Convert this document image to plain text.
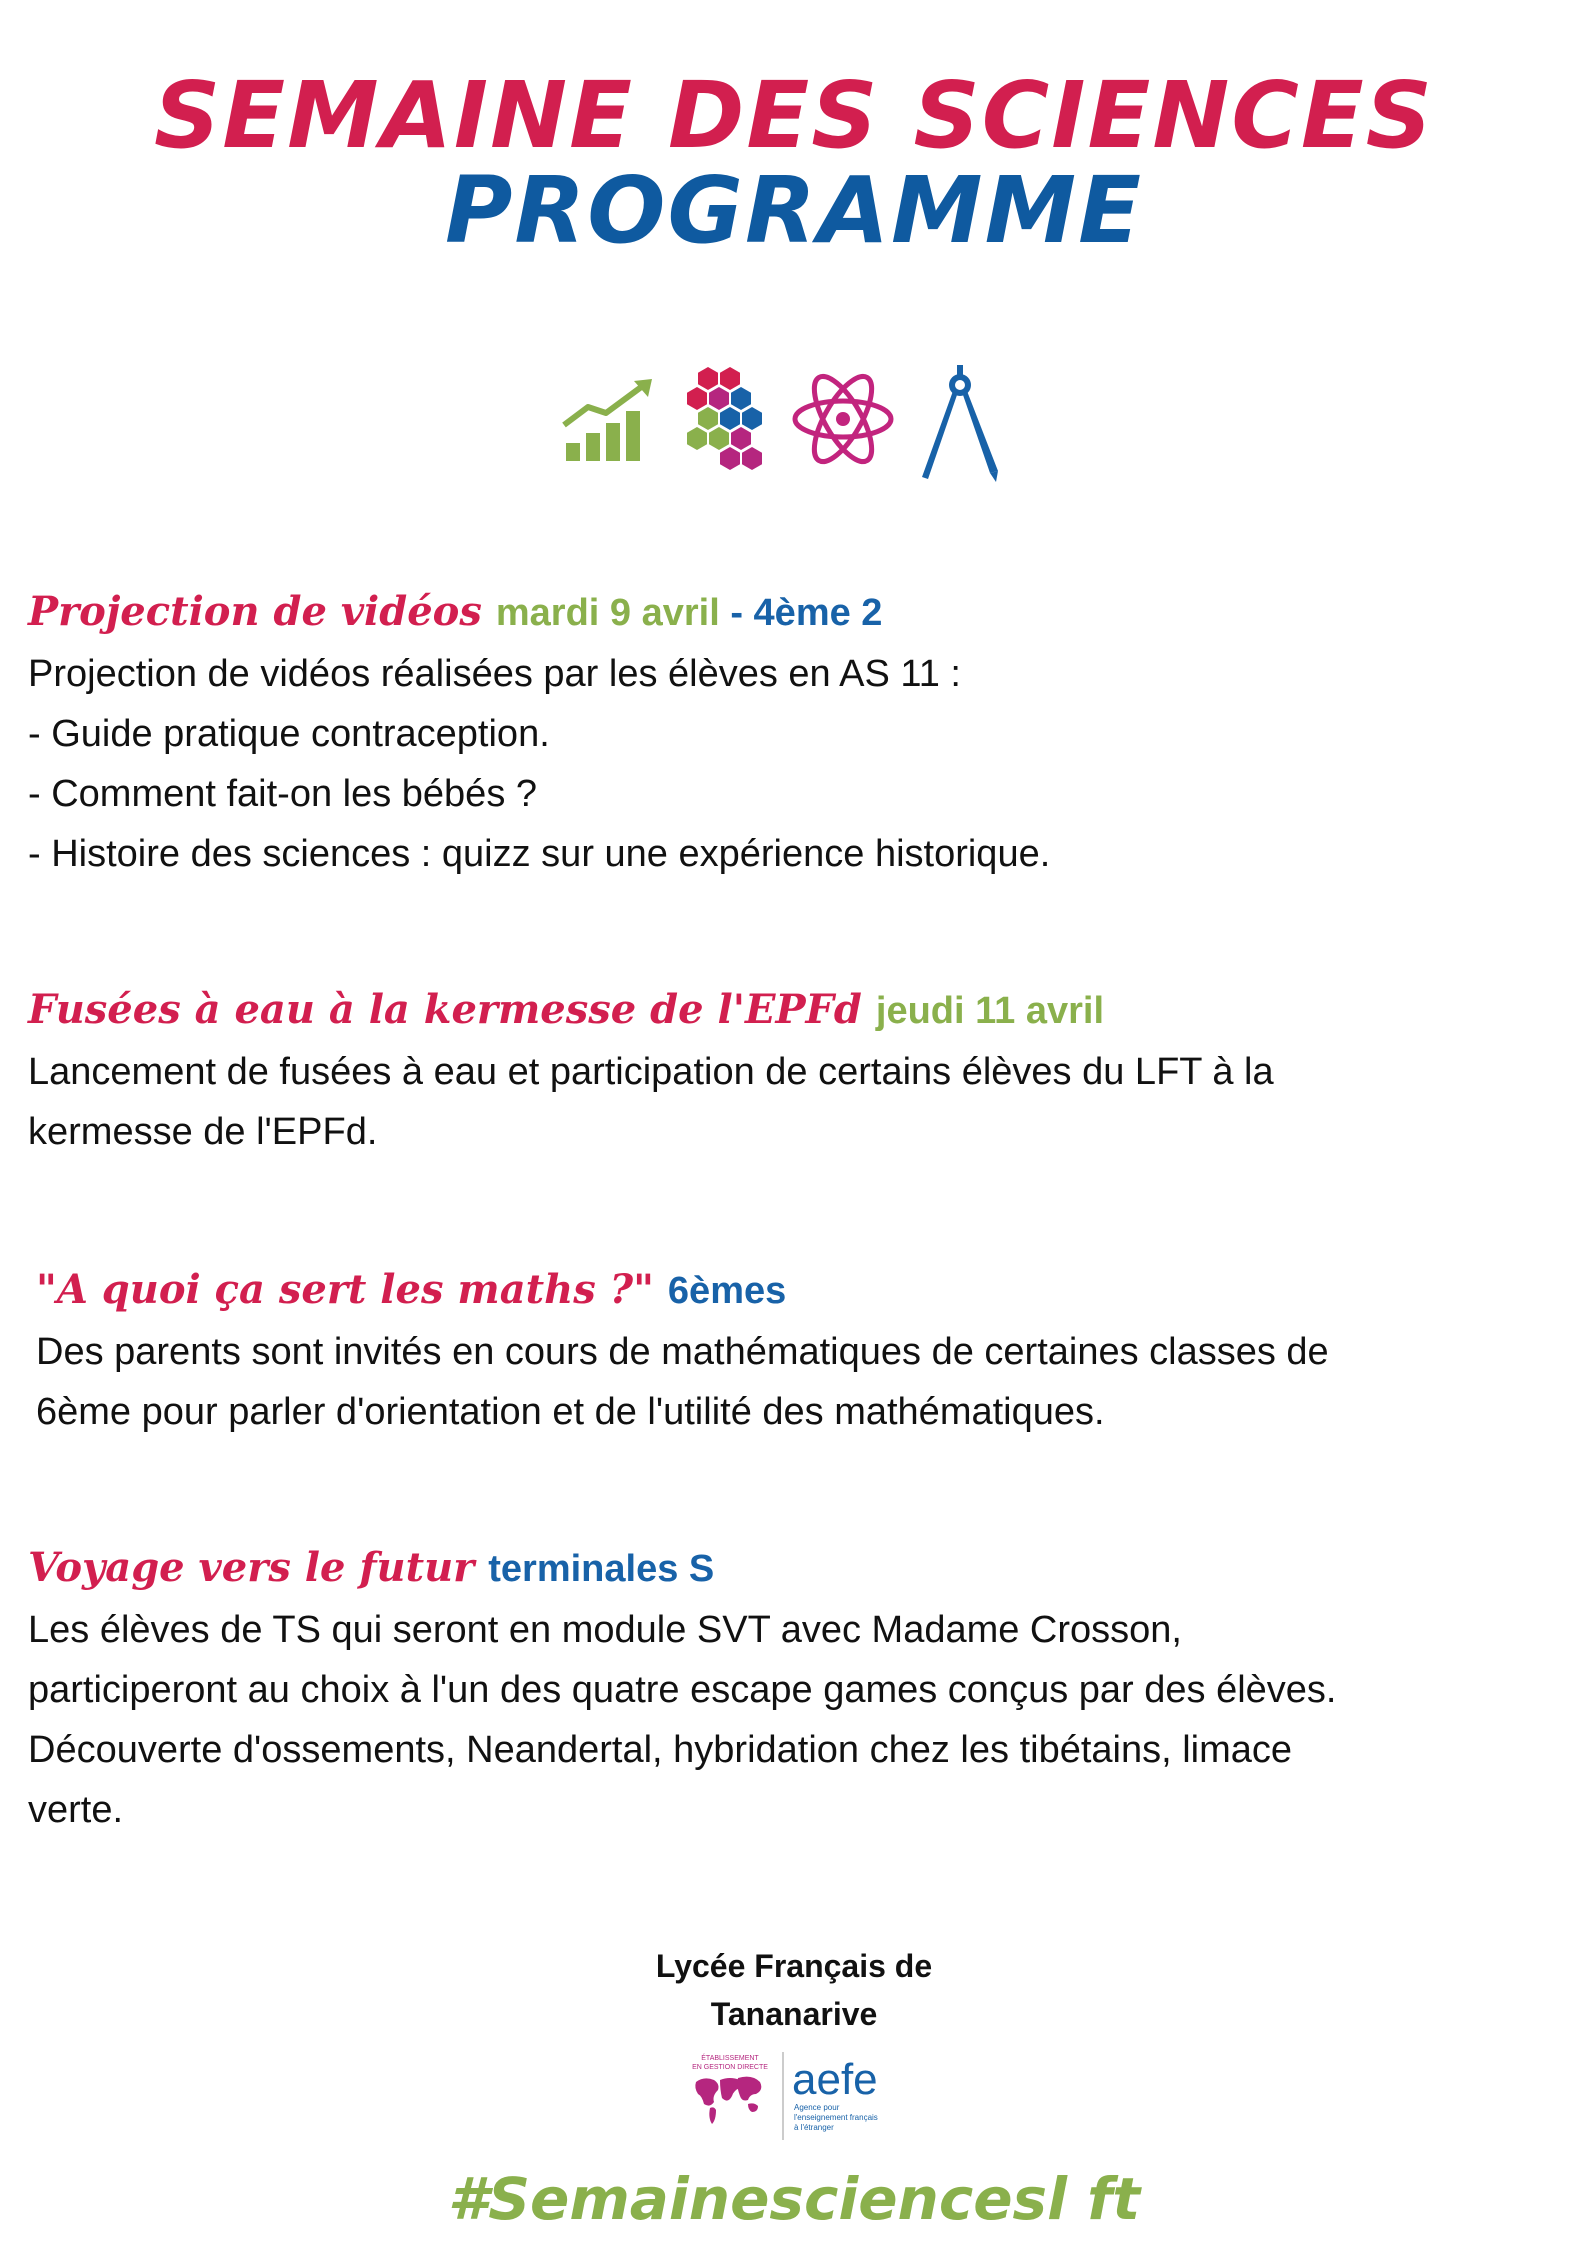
SEMAINE DES SCIENCES
PROGRAMME
Projection de vidéos mardi 9 avril - 4ème 2
Projection de vidéos réalisées par les élèves en AS 11 :
- Guide pratique contraception.
- Comment fait-on les bébés ?
- Histoire des sciences : quizz sur une expérience historique.
Fusées à eau à la kermesse de l'EPFd jeudi 11 avril
Lancement de fusées à eau et participation de certains élèves du LFT à la
kermesse de l'EPFd.
"A quoi ça sert les maths ?" 6èmes
Des parents sont invités en cours de mathématiques de certaines classes de
6ème pour parler d'orientation et de l'utilité des mathématiques.
Voyage vers le futur terminales S
Les élèves de TS qui seront en module SVT avec Madame Crosson,
participeront au choix à l'un des quatre escape games conçus par des élèves.
Découverte d'ossements, Neandertal, hybridation chez les tibétains, limace
verte.
Lycée Français de
Tananarive
ÉTABLISSEMENT
EN GESTION DIRECTE aefe
Agence pour
l'enseignement français
à l'étranger
#Semainesciencesl ft
